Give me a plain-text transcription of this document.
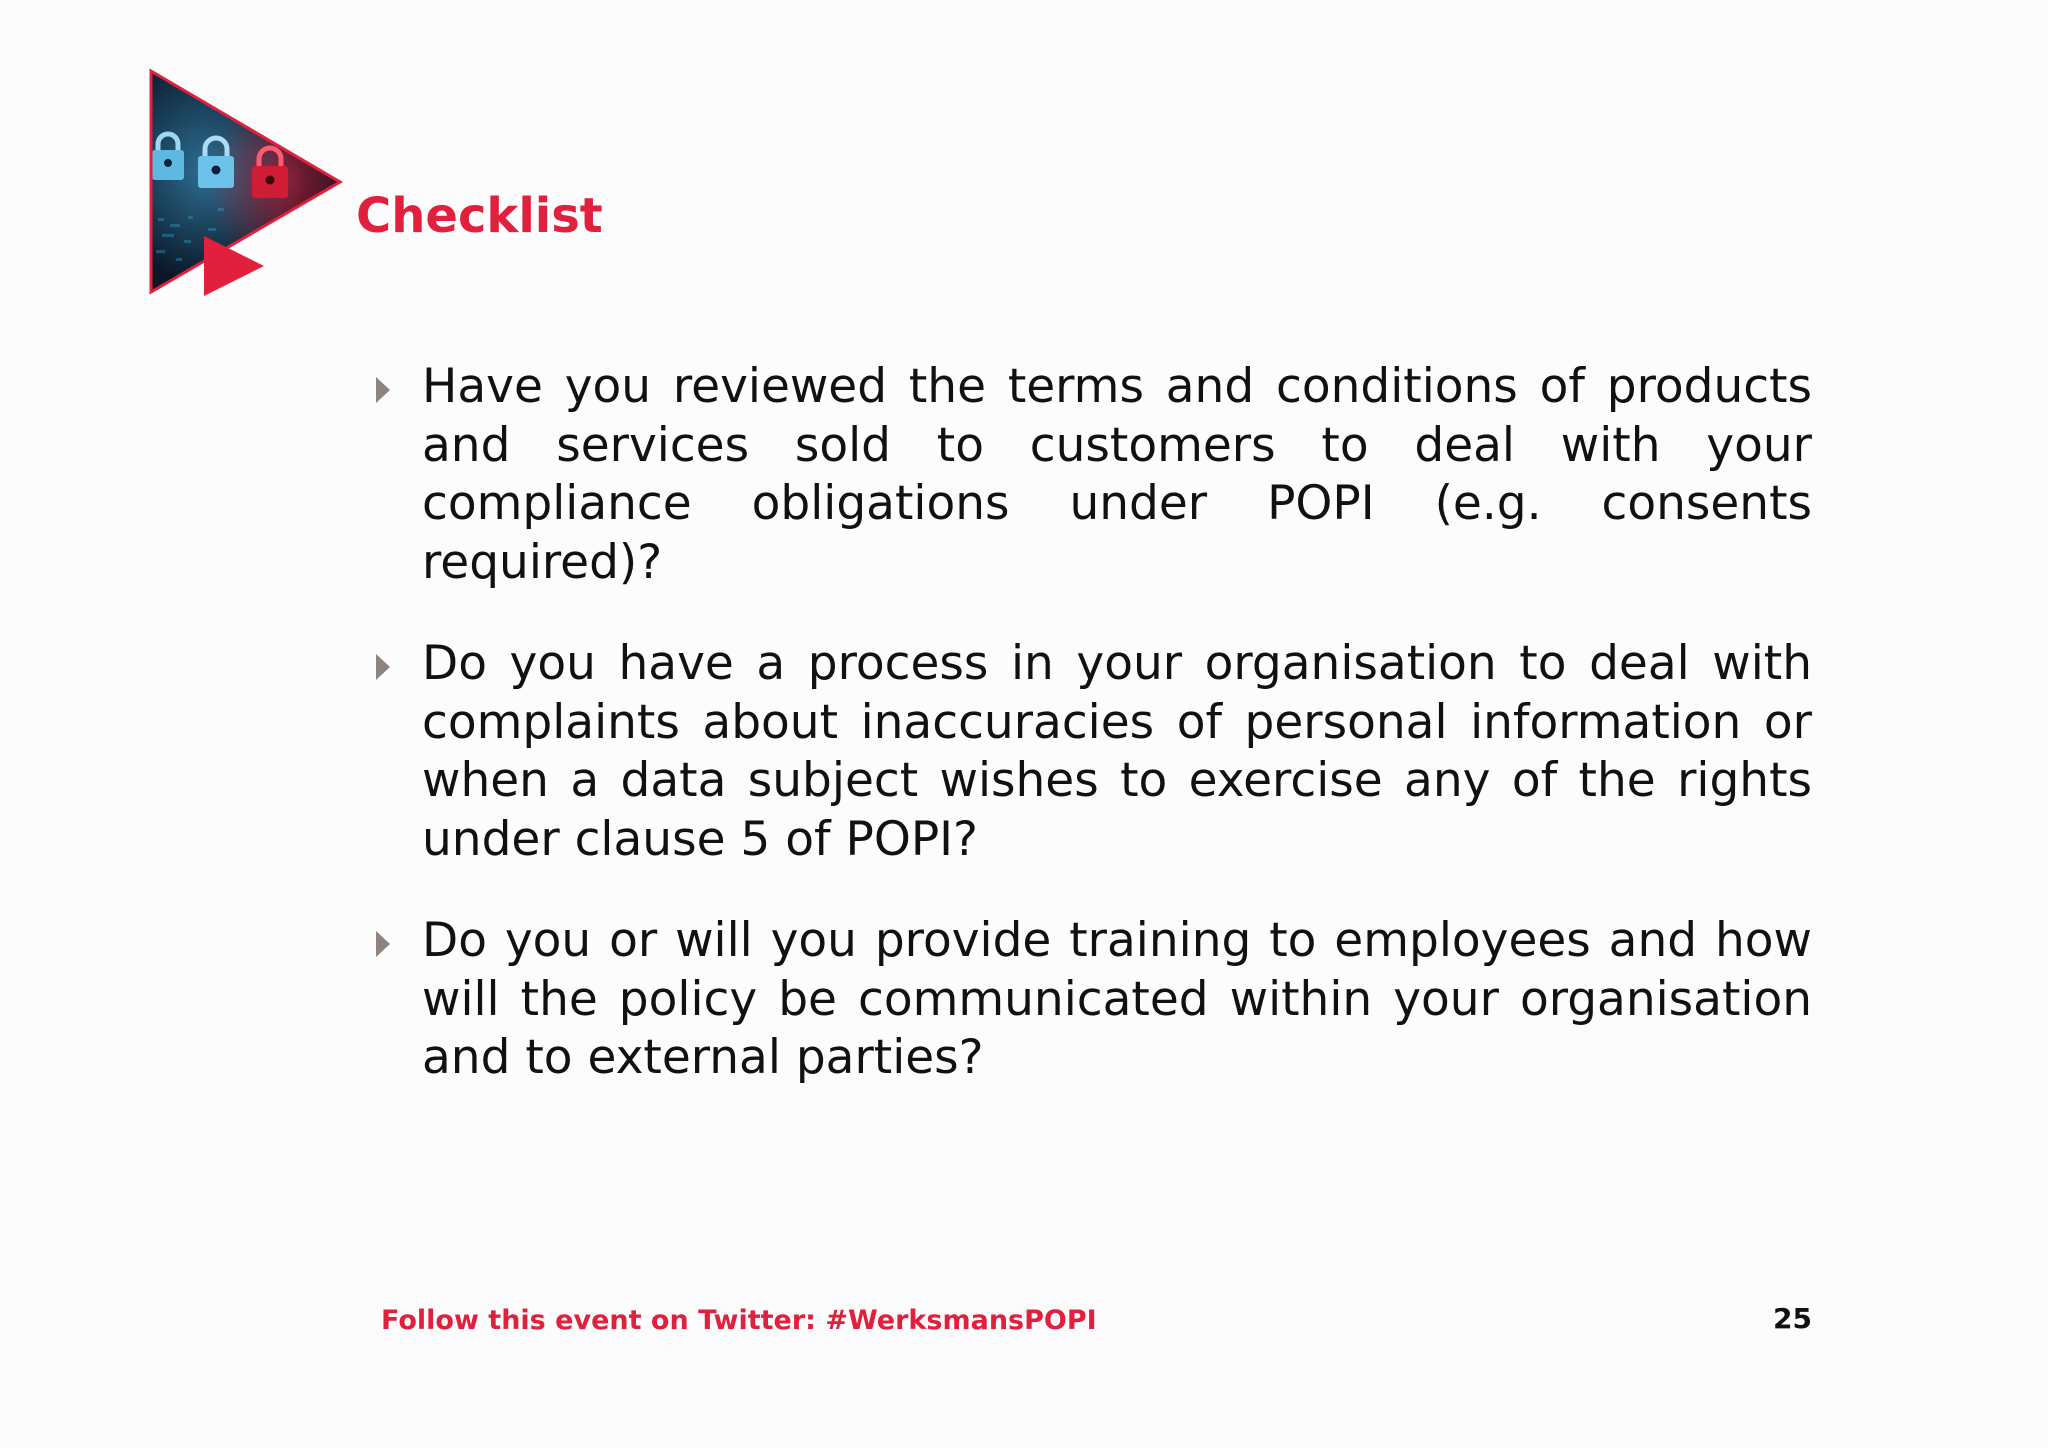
Checklist
Have you reviewed the terms and conditions of products and services sold to customers to deal with your compliance obligations under POPI (e.g. consents required)?
Do you have a process in your organisation to deal with complaints about inaccuracies of personal information or when a data subject wishes to exercise any of the rights under clause 5 of POPI?
Do you or will you provide training to employees and how will the policy be communicated within your organisation and to external parties?
Follow this event on Twitter: #WerksmansPOPI	25
